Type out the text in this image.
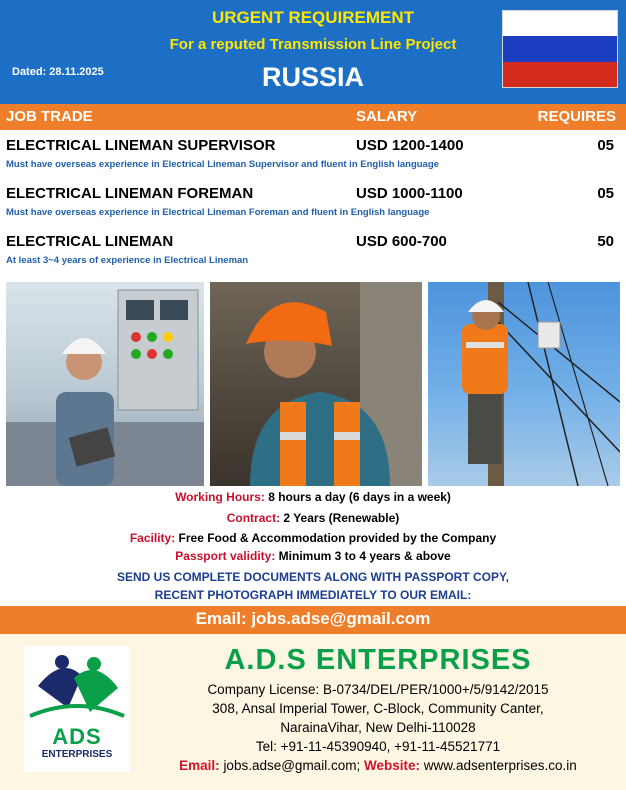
URGENT REQUIREMENT
For a reputed Transmission Line Project
Dated: 28.11.2025	RUSSIA
JOB TRADE	SALARY	REQUIRES
ELECTRICAL LINEMAN SUPERVISOR	USD 1200-1400	05
Must have overseas experience in Electrical Lineman Supervisor and fluent in English language
ELECTRICAL LINEMAN FOREMAN	USD 1000-1100	05
Must have overseas experience in Electrical Lineman Foreman and fluent in English language
ELECTRICAL LINEMAN	USD 600-700	50
At least 3~4 years of experience in Electrical Lineman
Working Hours: 8 hours a day (6 days in a week)
Contract: 2 Years (Renewable)
Facility: Free Food & Accommodation provided by the Company
Passport validity: Minimum 3 to 4 years & above
SEND US COMPLETE DOCUMENTS ALONG WITH PASSPORT COPY,
RECENT PHOTOGRAPH IMMEDIATELY TO OUR EMAIL:
Email: jobs.adse@gmail.com
ADS
ENTERPRISES
A.D.S ENTERPRISES
Company License: B-0734/DEL/PER/1000+/5/9142/2015
308, Ansal Imperial Tower, C-Block, Community Canter,
NarainaVihar, New Delhi-110028
Tel: +91-11-45390940, +91-11-45521771
Email: jobs.adse@gmail.com; Website: www.adsenterprises.co.in
